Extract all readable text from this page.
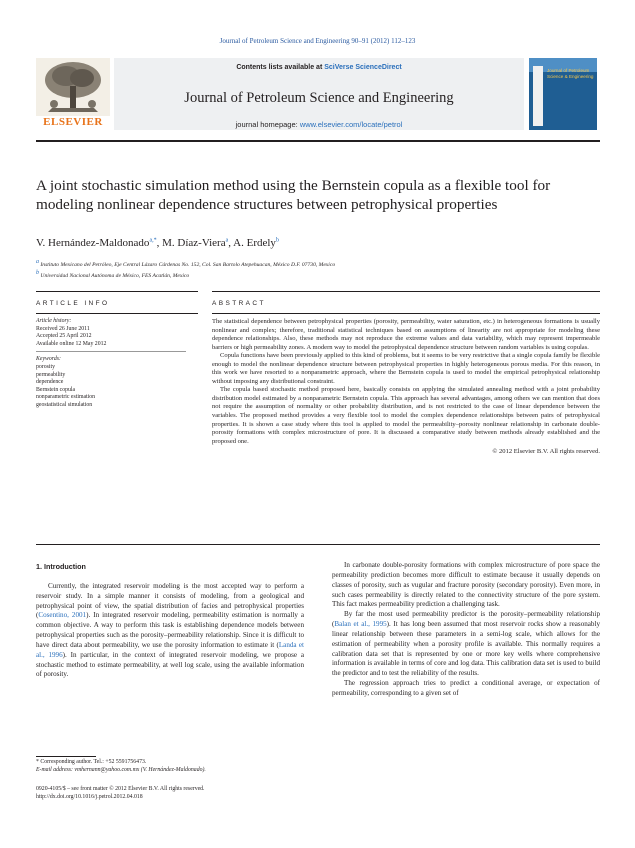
Journal of Petroleum Science and Engineering 90–91 (2012) 112–123
ELSEVIER
Contents lists available at SciVerse ScienceDirect
Journal of Petroleum Science and Engineering
journal homepage: www.elsevier.com/locate/petrol
Journal of Petroleum Science & Engineering
A joint stochastic simulation method using the Bernstein copula as a flexible tool for modeling nonlinear dependence structures between petrophysical properties
V. Hernández-Maldonado$^{a,*}$, M. Díaz-Viera$^a$, A. Erdely$^b$
$^a$ Instituto Mexicano del Petróleo, Eje Central Lázaro Cárdenas No. 152, Col. San Bartolo Atepehuacan, México D.F. 07730, Mexico
$^b$ Universidad Nacional Autónoma de México, FES Acatlán, Mexico
ARTICLE INFO
Article history:
Received 26 June 2011
Accepted 25 April 2012
Available online 12 May 2012
Keywords:
porosity
permeability
dependence
Bernstein copula
nonparametric estimation
geostatistical simulation
ABSTRACT

The statistical dependence between petrophysical properties (porosity, permeability, water saturation, etc.) in heterogeneous formations is usually nonlinear and complex; therefore, traditional statistical techniques based on assumptions of linearity are not appropriate for modeling these dependence relationships. Also, these methods may not reproduce the extreme values and data variability, which may represent impermeable barriers or high permeability zones. A modern way to model the petrophysical dependence structure between random variables is using copulas.

Copula functions have been previously applied to this kind of problems, but it seems to be very restrictive that a single copula family be flexible enough to model the nonlinear dependence structure between petrophysical properties in highly heterogeneous porous media. For this reason, in this work we have resorted to a nonparametric approach, where the Bernstein copula is used to model the empirical petrophysical relationship without imposing any distributional constraint.

The copula based stochastic method proposed here, basically consists on applying the simulated annealing method with a joint probability distribution model estimated by a nonparametric Bernstein copula. This approach has several advantages, among others we can mention that does not require the assumption of normality or other probability distribution, and is not restricted to the case of linear dependence between the variables. The proposed method provides a very flexible tool to model the complex dependence relationships between pairs of petrophysical properties. It is shown a case study where this tool is applied to model the permeability–porosity nonlinear relationship in carbonate double-porosity formations with complex microstructure of pore. It is discussed a comparative study between methods already established and the proposed one.

© 2012 Elsevier B.V. All rights reserved.
1. Introduction

Currently, the integrated reservoir modeling is the most accepted way to perform a reservoir study. In a simple manner it consists of modeling, from a geological and petrophysical point of view, the spatial distribution of facies and petrophysical properties (Cosentino, 2001). In integrated reservoir modeling, permeability estimation is normally a common objective. A way to perform this task is establishing dependence models between petrophysical properties such as the porosity–permeability relationship. Since it is difficult to have direct data about permeability, we use the porosity information to estimate it (Landa et al., 1996). In particular, in the context of integrated reservoir modeling, we propose a stochastic method to estimate permeability, at well log scale, using the available information of porosity.

* Corresponding author. Tel.: +52 5591756473.
E-mail address: vmhernann@yahoo.com.mx (V. Hernández-Maldonado).
0920-4105/$ – see front matter © 2012 Elsevier B.V. All rights reserved.
http://dx.doi.org/10.1016/j.petrol.2012.04.018

In carbonate double-porosity formations with complex microstructure of pore space the permeability prediction becomes more difficult to estimate because it usually depends on classes of porosity, such as vugular and fracture porosity (secondary porosity). Even more, in such cases permeability is directly related to the connectivity structure of the pore system. This fact makes permeability prediction a challenging task.

By far the most used permeability predictor is the porosity–permeability relationship (Balan et al., 1995). It has long been assumed that most reservoir rocks show a reasonably linear relationship between these parameters in a semi-log scale, which allows for the estimation of permeability when a porosity profile is available. This normally requires a calibration data set that is represented by one or more key wells where comprehensive information is available in terms of core and log data. This calibration data set is used to build the predictor and to test the reliability of the results.

The regression approach tries to predict a conditional average, or expectation of permeability, corresponding to a given set of
